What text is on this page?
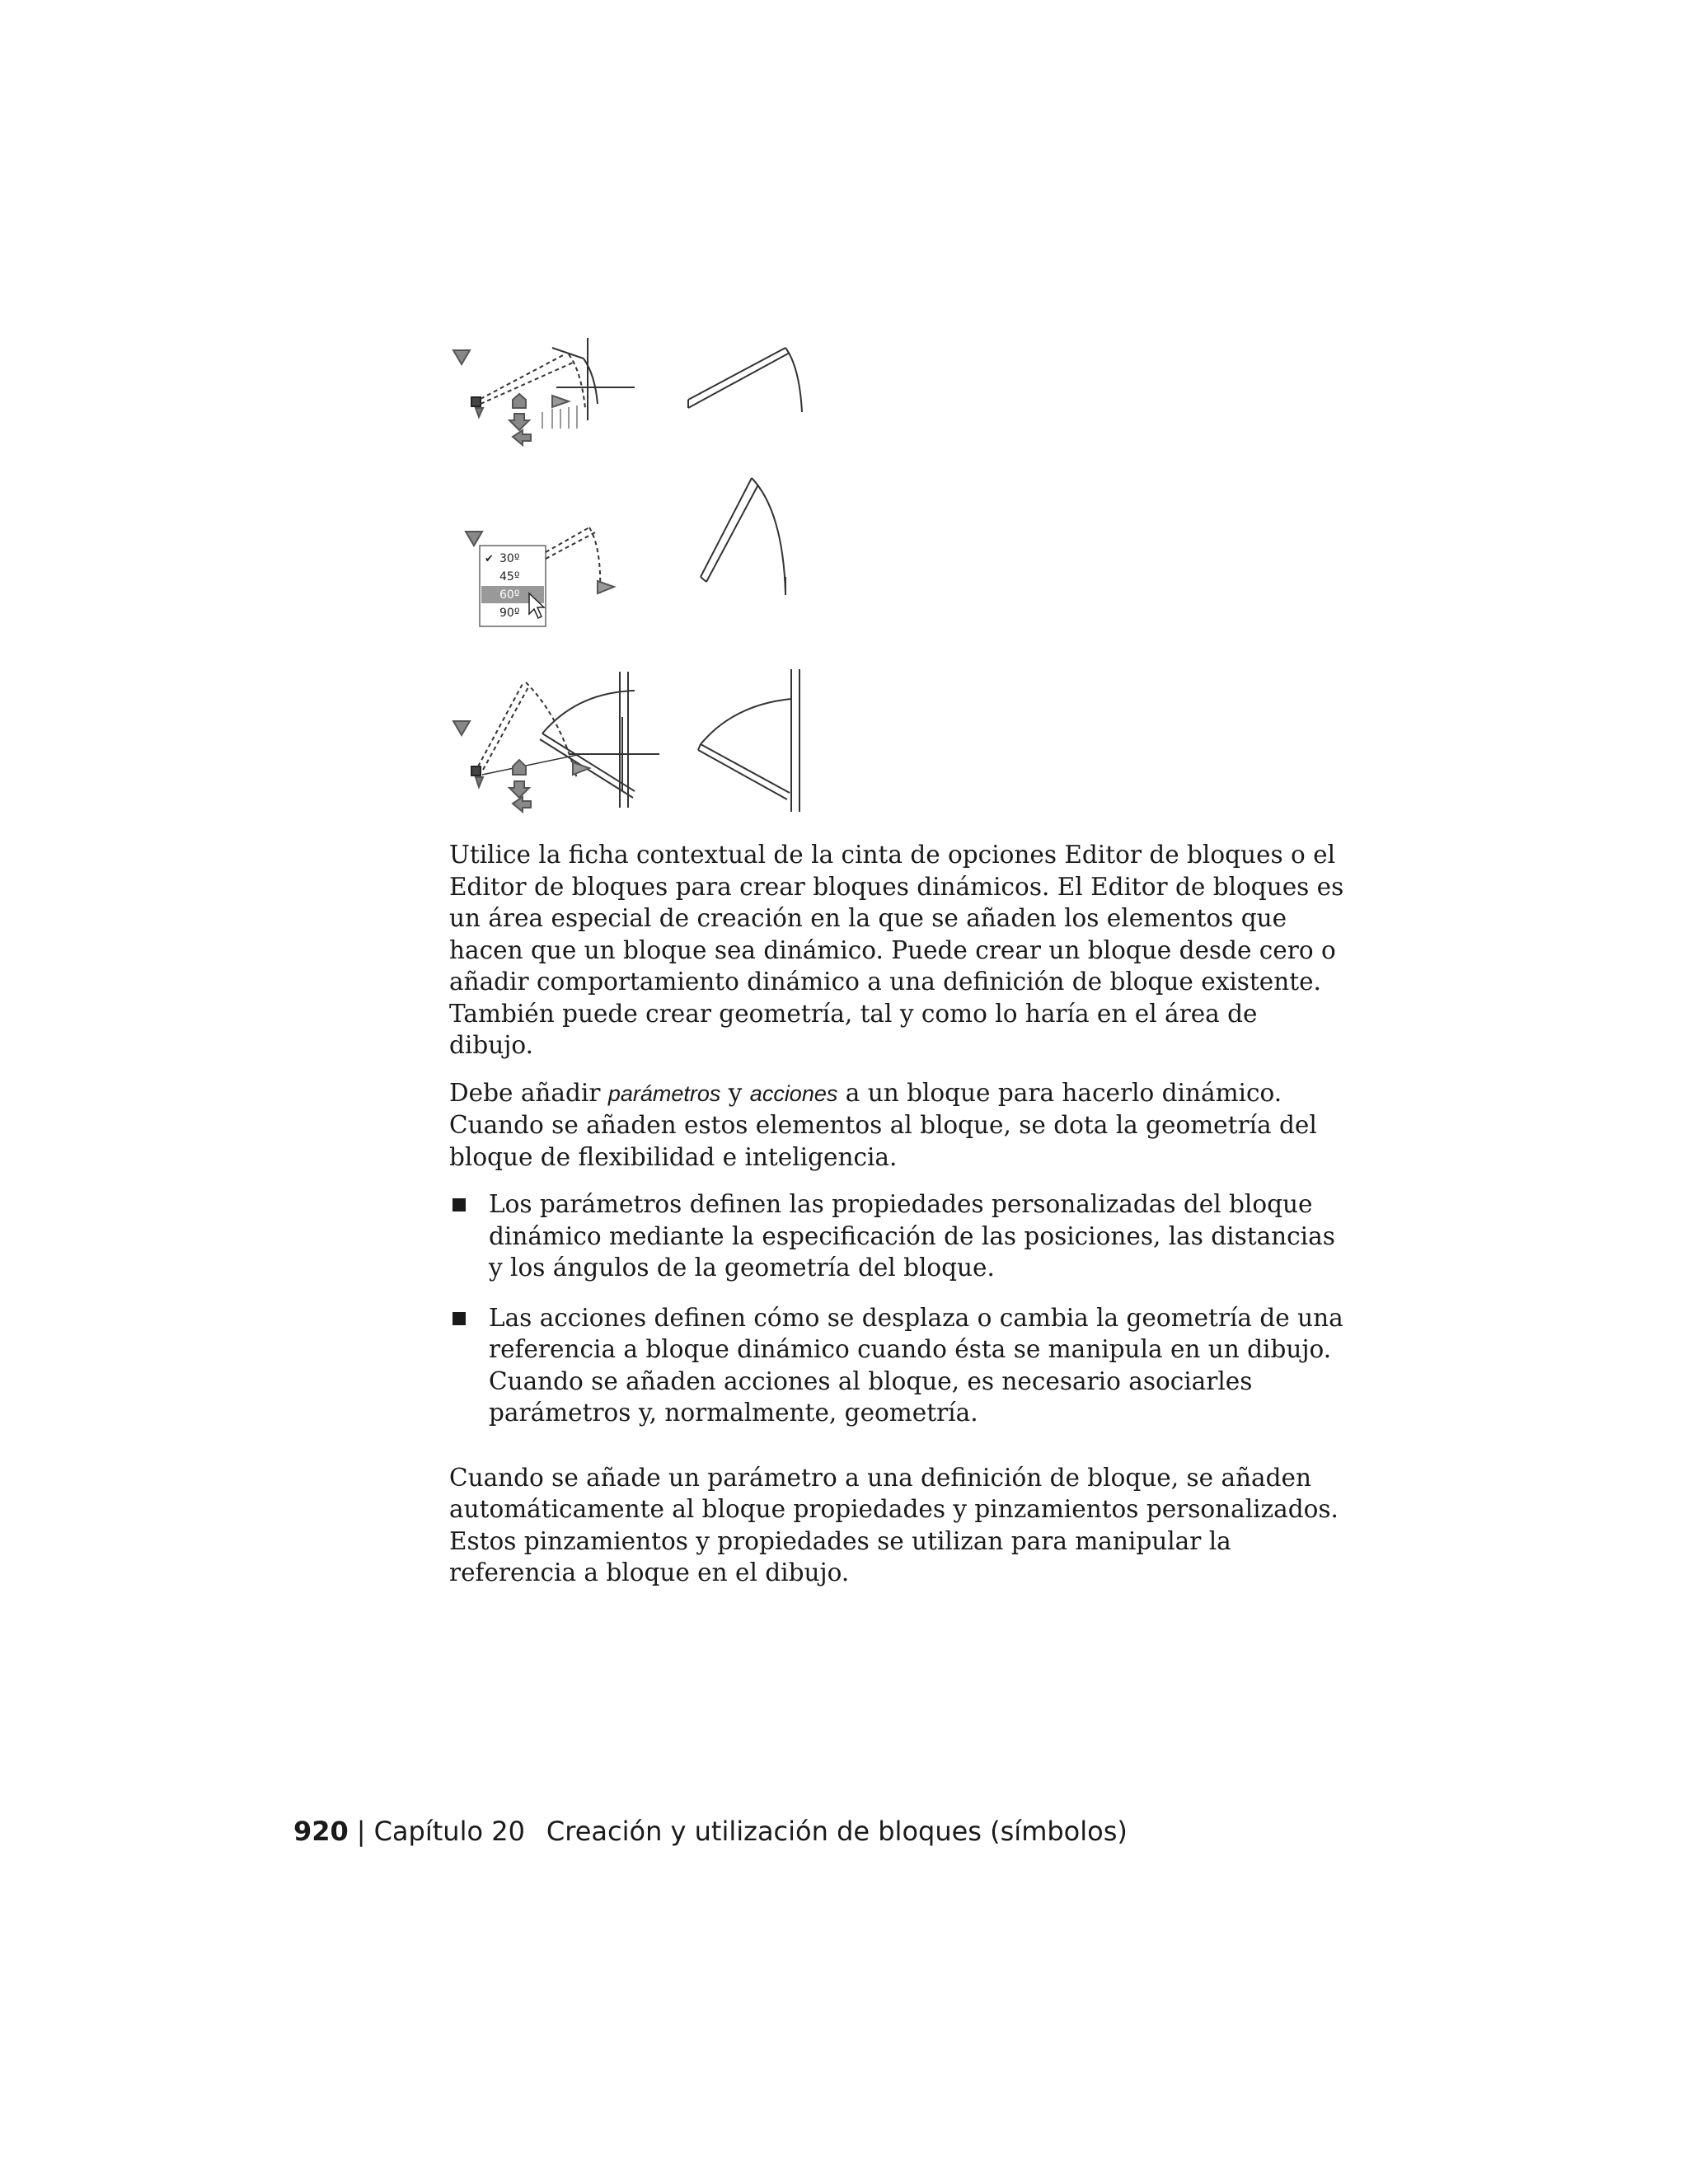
✔ 30º
45º
60º
90º

Utilice la ficha contextual de la cinta de opciones Editor de bloques o el Editor de bloques para crear bloques dinámicos. El Editor de bloques es un área especial de creación en la que se añaden los elementos que hacen que un bloque sea dinámico. Puede crear un bloque desde cero o añadir comportamiento dinámico a una definición de bloque existente. También puede crear geometría, tal y como lo haría en el área de dibujo.

Debe añadir parámetros y acciones a un bloque para hacerlo dinámico. Cuando se añaden estos elementos al bloque, se dota la geometría del bloque de flexibilidad e inteligencia.

Los parámetros definen las propiedades personalizadas del bloque dinámico mediante la especificación de las posiciones, las distancias y los ángulos de la geometría del bloque.
Las acciones definen cómo se desplaza o cambia la geometría de una referencia a bloque dinámico cuando ésta se manipula en un dibujo. Cuando se añaden acciones al bloque, es necesario asociarles parámetros y, normalmente, geometría.

Cuando se añade un parámetro a una definición de bloque, se añaden automáticamente al bloque propiedades y pinzamientos personalizados. Estos pinzamientos y propiedades se utilizan para manipular la referencia a bloque en el dibujo.

920 | Capítulo 20 Creación y utilización de bloques (símbolos)
